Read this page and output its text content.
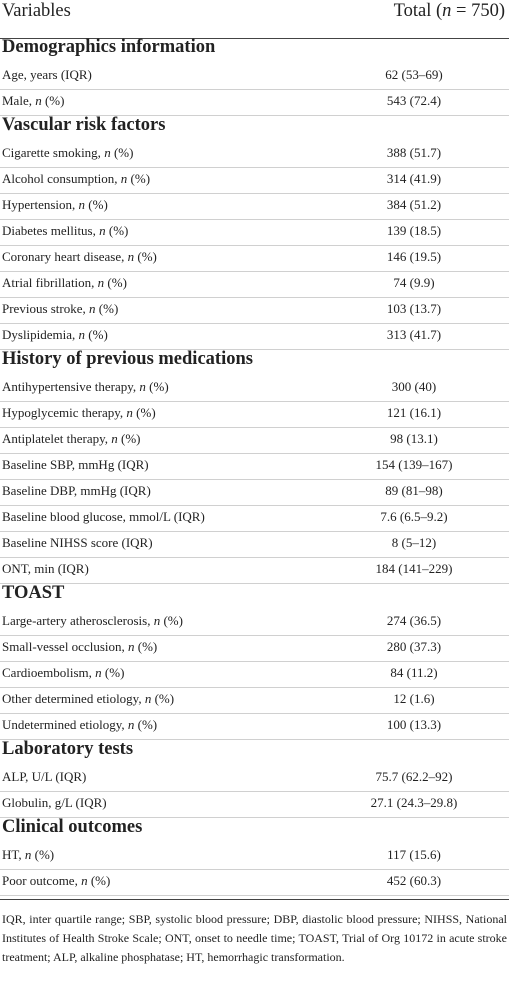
Variables	Total (n = 750)
Demographics information
Age, years (IQR)	62 (53–69)
Male, n (%)	543 (72.4)
Vascular risk factors
Cigarette smoking, n (%)	388 (51.7)
Alcohol consumption, n (%)	314 (41.9)
Hypertension, n (%)	384 (51.2)
Diabetes mellitus, n (%)	139 (18.5)
Coronary heart disease, n (%)	146 (19.5)
Atrial fibrillation, n (%)	74 (9.9)
Previous stroke, n (%)	103 (13.7)
Dyslipidemia, n (%)	313 (41.7)
History of previous medications
Antihypertensive therapy, n (%)	300 (40)
Hypoglycemic therapy, n (%)	121 (16.1)
Antiplatelet therapy, n (%)	98 (13.1)
Baseline SBP, mmHg (IQR)	154 (139–167)
Baseline DBP, mmHg (IQR)	89 (81–98)
Baseline blood glucose, mmol/L (IQR)	7.6 (6.5–9.2)
Baseline NIHSS score (IQR)	8 (5–12)
ONT, min (IQR)	184 (141–229)
TOAST
Large-artery atherosclerosis, n (%)	274 (36.5)
Small-vessel occlusion, n (%)	280 (37.3)
Cardioembolism, n (%)	84 (11.2)
Other determined etiology, n (%)	12 (1.6)
Undetermined etiology, n (%)	100 (13.3)
Laboratory tests
ALP, U/L (IQR)	75.7 (62.2–92)
Globulin, g/L (IQR)	27.1 (24.3–29.8)
Clinical outcomes
HT, n (%)	117 (15.6)
Poor outcome, n (%)	452 (60.3)
IQR, inter quartile range; SBP, systolic blood pressure; DBP, diastolic blood pressure; NIHSS, National Institutes of Health Stroke Scale; ONT, onset to needle time; TOAST, Trial of Org 10172 in acute stroke treatment; ALP, alkaline phosphatase; HT, hemorrhagic transformation.
